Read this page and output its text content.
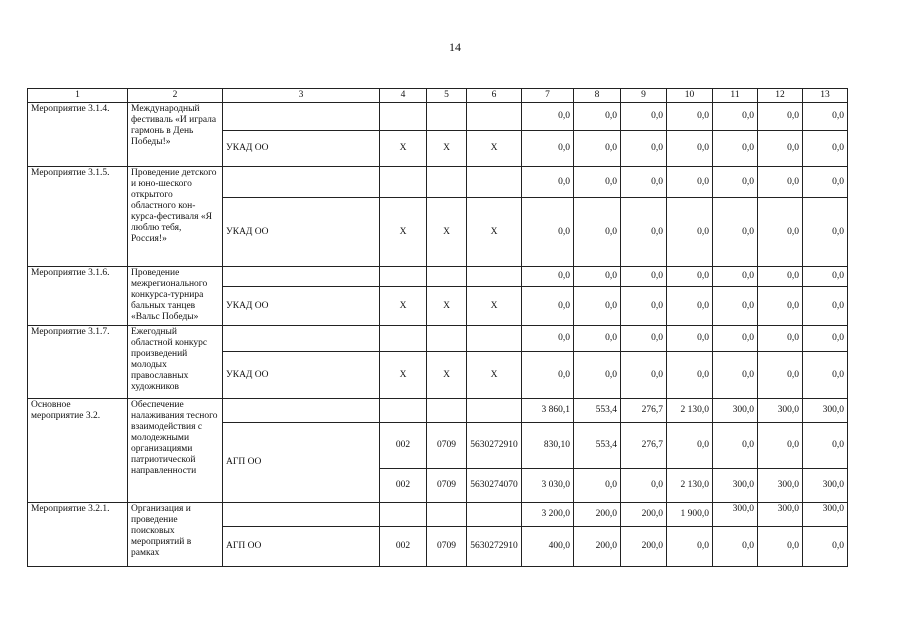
14
1	2	3	4	5	6	7	8	9	10	11	12	13
Мероприятие 3.1.4.	Международный фестиваль «И играла гармонь в День Победы!»					0,0	0,0	0,0	0,0	0,0	0,0	0,0
		УКАД ОО	X	X	X	0,0	0,0	0,0	0,0	0,0	0,0	0,0
Мероприятие 3.1.5.	Проведение детского и юно-шеского открытого областного кон-курса-фестиваля «Я люблю тебя, Россия!»					0,0	0,0	0,0	0,0	0,0	0,0	0,0
		УКАД ОО	X	X	X	0,0	0,0	0,0	0,0	0,0	0,0	0,0
Мероприятие 3.1.6.	Проведение межрегионального конкурса-турнира бальных танцев «Вальс Победы»					0,0	0,0	0,0	0,0	0,0	0,0	0,0
		УКАД ОО	X	X	X	0,0	0,0	0,0	0,0	0,0	0,0	0,0
Мероприятие 3.1.7.	Ежегодный областной конкурс произведений молодых православных художников					0,0	0,0	0,0	0,0	0,0	0,0	0,0
		УКАД ОО	X	X	X	0,0	0,0	0,0	0,0	0,0	0,0	0,0
Основное мероприятие 3.2.	Обеспечение налаживания тесного взаимодействия с молодежными организациями патриотической направленности					3 860,1	553,4	276,7	2 130,0	300,0	300,0	300,0
		АГП ОО	002	0709	5630272910	830,10	553,4	276,7	0,0	0,0	0,0	0,0
			002	0709	5630274070	3 030,0	0,0	0,0	2 130,0	300,0	300,0	300,0
Мероприятие 3.2.1.	Организация и проведение поисковых мероприятий в рамках					3 200,0	200,0	200,0	1 900,0	300,0	300,0	300,0
		АГП ОО	002	0709	5630272910	400,0	200,0	200,0	0,0	0,0	0,0	0,0
